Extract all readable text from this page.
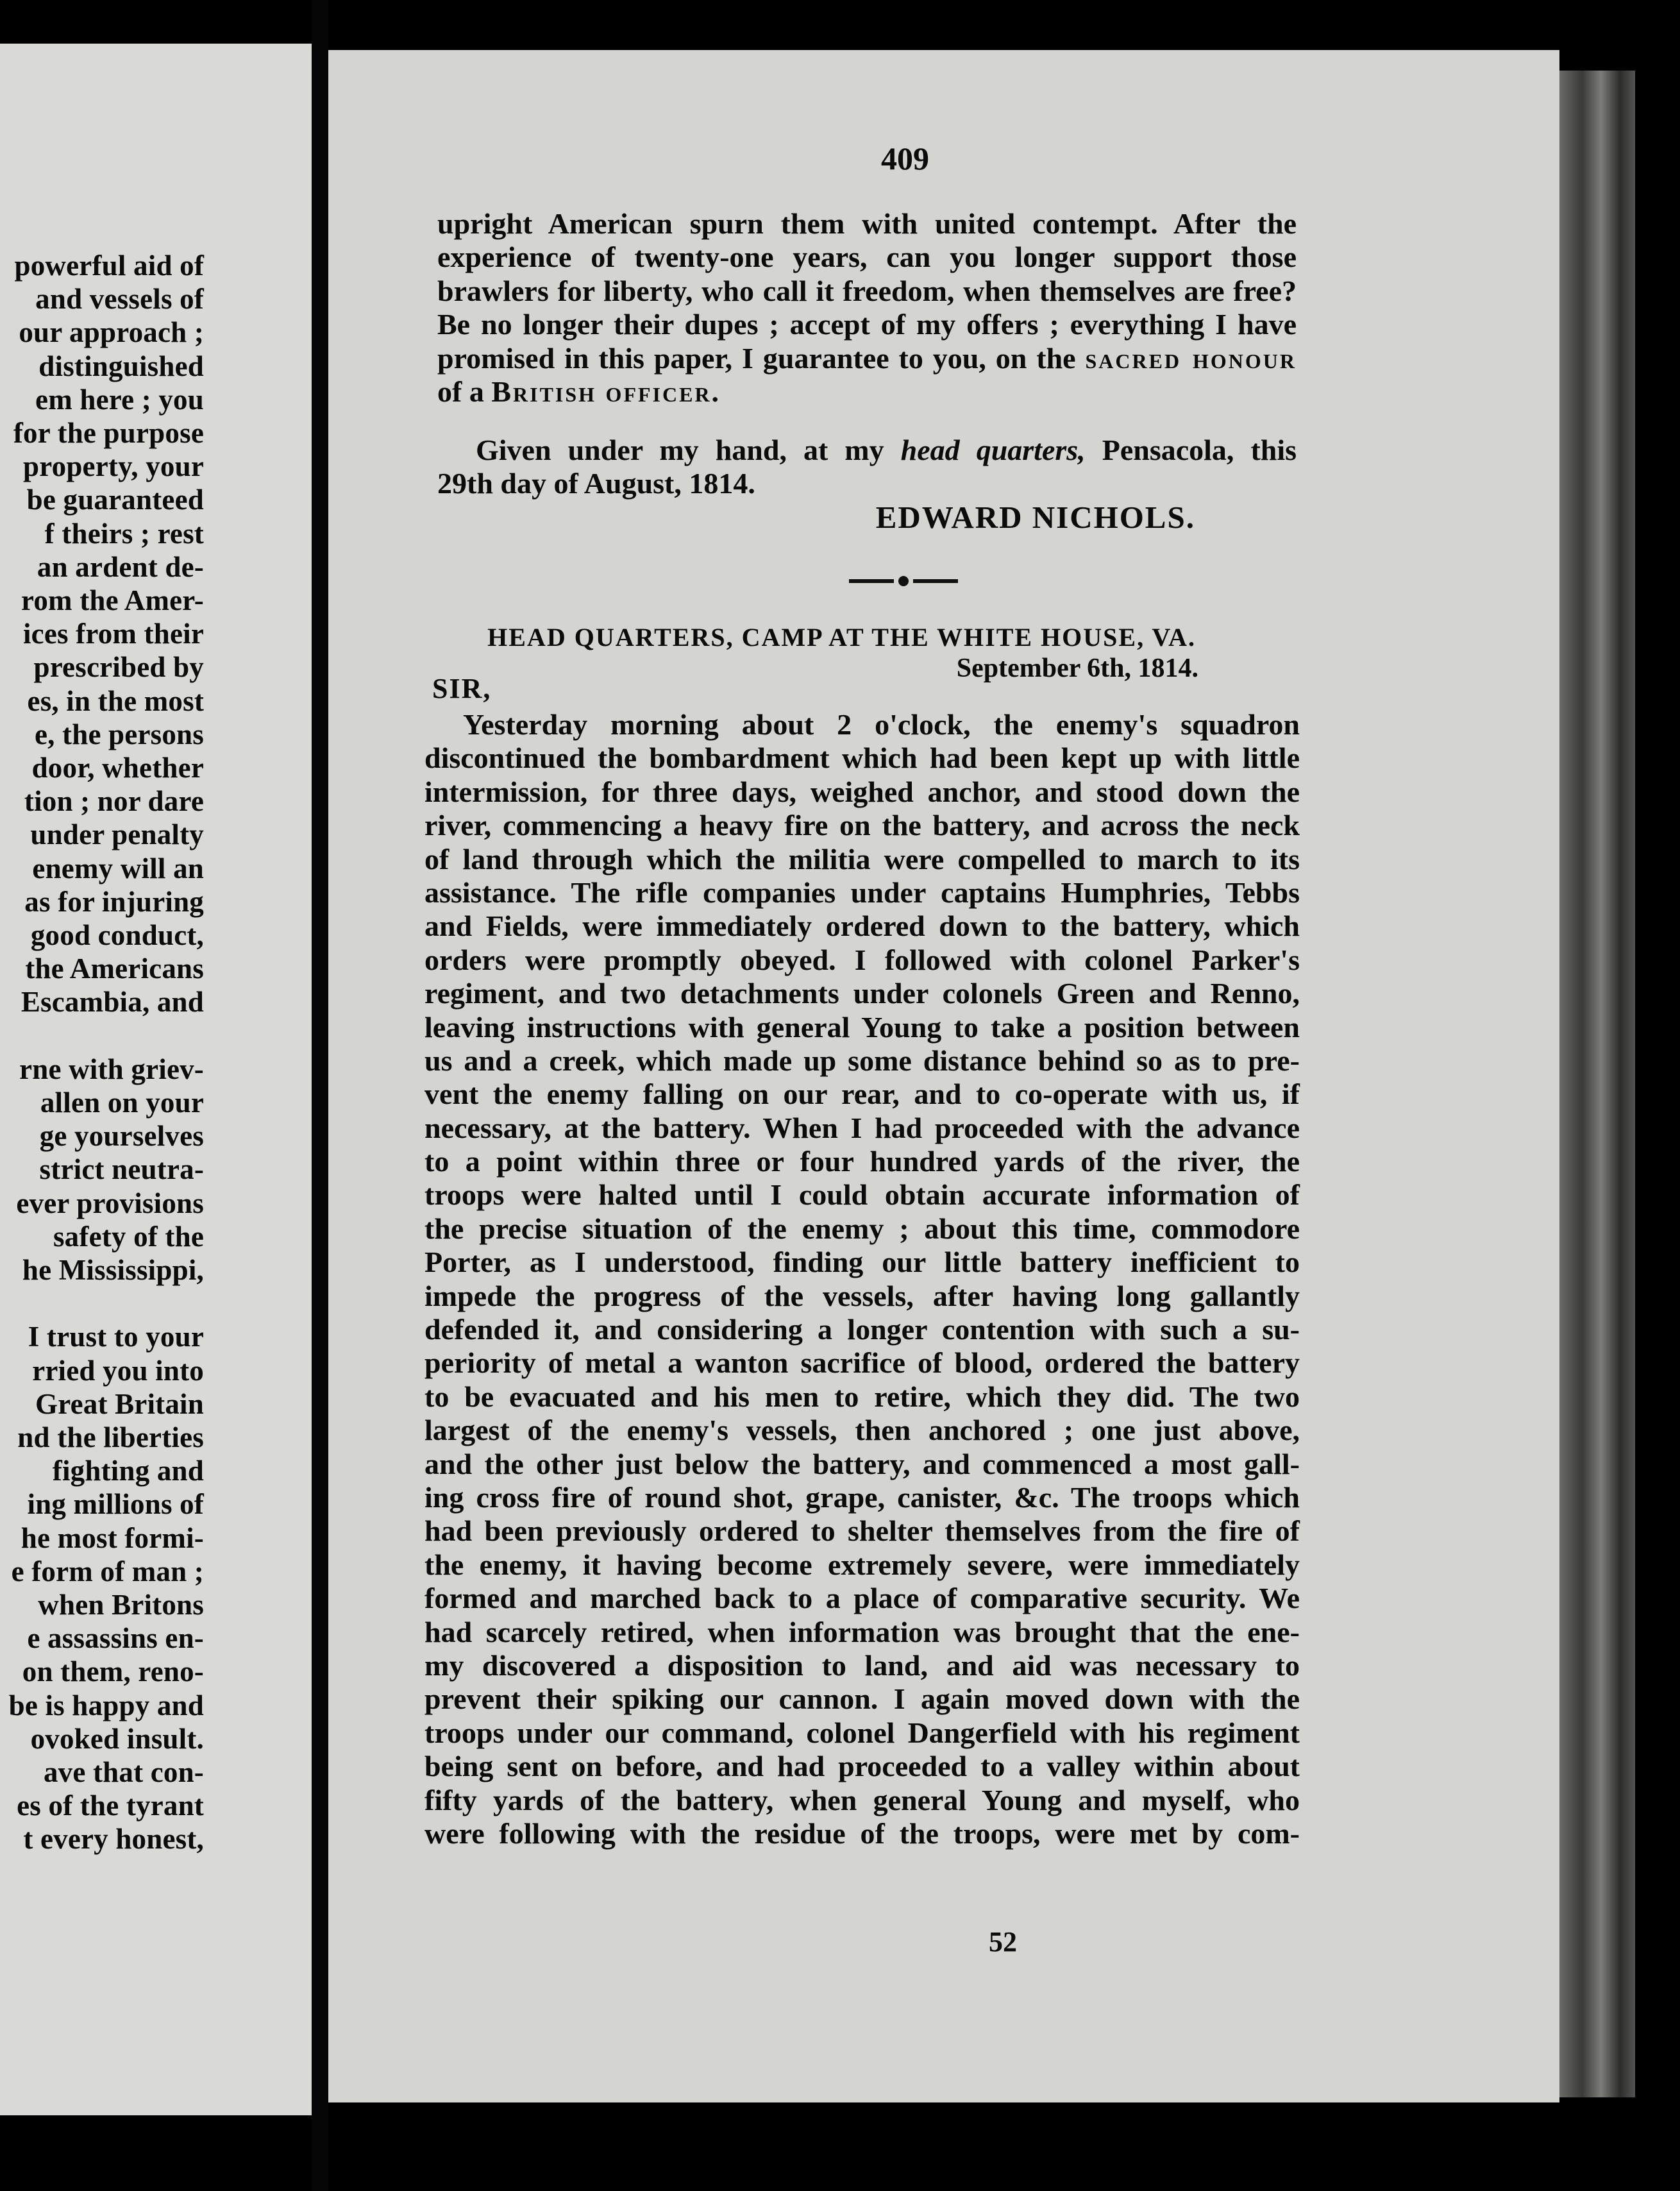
powerful aid of
and vessels of
our approach ;
distinguished
em here ; you
for the purpose
property, your
be guaranteed
f theirs ; rest
an ardent de-
rom the Amer-
ices from their
prescribed by
es, in the most
e, the persons
door, whether
tion ; nor dare
under penalty
enemy will an
as for injuring
good conduct,
the Americans
Escambia, and
rne with griev-
allen on your
ge yourselves
strict neutra-
ever provisions
safety of the
he Mississippi,
I trust to your
rried you into
Great Britain
nd the liberties
fighting and
ing millions of
he most formi-
e form of man ;
when Britons
e assassins en-
on them, reno-
be is happy and
ovoked insult.
ave that con-
es of the tyrant
t every honest,
409
upright American spurn them with united contempt. After the
experience of twenty-one years, can you longer support those
brawlers for liberty, who call it freedom, when themselves are free?
Be no longer their dupes ; accept of my offers ; everything I have
promised in this paper, I guarantee to you, on the sacred honour
of a British officer.
Given under my hand, at my head quarters, Pensacola, this
29th day of August, 1814.
EDWARD NICHOLS.
HEAD QUARTERS, CAMP AT THE WHITE HOUSE, VA.
September 6th, 1814.
SIR,
Yesterday morning about 2 o'clock, the enemy's squadron
discontinued the bombardment which had been kept up with little
intermission, for three days, weighed anchor, and stood down the
river, commencing a heavy fire on the battery, and across the neck
of land through which the militia were compelled to march to its
assistance. The rifle companies under captains Humphries, Tebbs
and Fields, were immediately ordered down to the battery, which
orders were promptly obeyed. I followed with colonel Parker's
regiment, and two detachments under colonels Green and Renno,
leaving instructions with general Young to take a position between
us and a creek, which made up some distance behind so as to pre-
vent the enemy falling on our rear, and to co-operate with us, if
necessary, at the battery. When I had proceeded with the advance
to a point within three or four hundred yards of the river, the
troops were halted until I could obtain accurate information of
the precise situation of the enemy ; about this time, commodore
Porter, as I understood, finding our little battery inefficient to
impede the progress of the vessels, after having long gallantly
defended it, and considering a longer contention with such a su-
periority of metal a wanton sacrifice of blood, ordered the battery
to be evacuated and his men to retire, which they did. The two
largest of the enemy's vessels, then anchored ; one just above,
and the other just below the battery, and commenced a most gall-
ing cross fire of round shot, grape, canister, &c. The troops which
had been previously ordered to shelter themselves from the fire of
the enemy, it having become extremely severe, were immediately
formed and marched back to a place of comparative security. We
had scarcely retired, when information was brought that the ene-
my discovered a disposition to land, and aid was necessary to
prevent their spiking our cannon. I again moved down with the
troops under our command, colonel Dangerfield with his regiment
being sent on before, and had proceeded to a valley within about
fifty yards of the battery, when general Young and myself, who
were following with the residue of the troops, were met by com-
52
